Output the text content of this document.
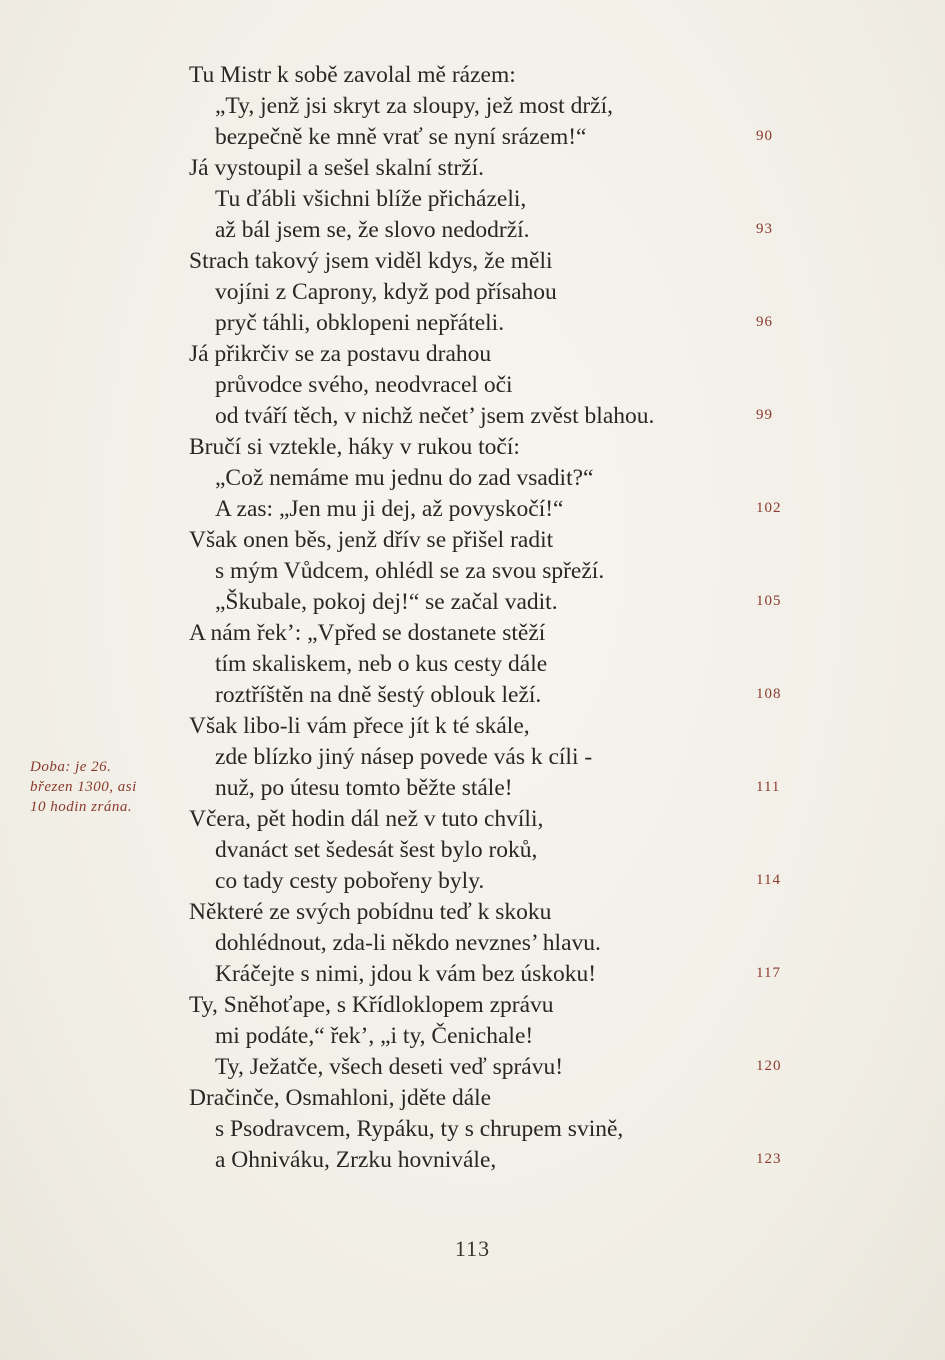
Tu Mistr k sobě zavolal mě rázem:
„Ty, jenž jsi skryt za sloupy, jež most drží,
bezpečně ke mně vrať se nyní srázem!“	90
Já vystoupil a sešel skalní strží.
Tu ďábli všichni blíže přicházeli,
až bál jsem se, že slovo nedodrží.	93
Strach takový jsem viděl kdys, že měli
vojíni z Caprony, když pod přísahou
pryč táhli, obklopeni nepřáteli.	96
Já přikrčiv se za postavu drahou
průvodce svého, neodvracel oči
od tváří těch, v nichž nečet’ jsem zvěst blahou.	99
Bručí si vztekle, háky v rukou točí:
„Což nemáme mu jednu do zad vsadit?“
A zas: „Jen mu ji dej, až povyskočí!“	102
Však onen běs, jenž dřív se přišel radit
s mým Vůdcem, ohlédl se za svou spřeží.
„Škubale, pokoj dej!“ se začal vadit.	105
A nám řek’: „Vpřed se dostanete stěží
tím skaliskem, neb o kus cesty dále
roztříštěn na dně šestý oblouk leží.	108
Však libo-li vám přece jít k té skále,
zde blízko jiný násep povede vás k cíli -
nuž, po útesu tomto běžte stále!	111
Včera, pět hodin dál než v tuto chvíli,
dvanáct set šedesát šest bylo roků,
co tady cesty pobořeny byly.	114
Některé ze svých pobídnu teď k skoku
dohlédnout, zda-li někdo nevznes’ hlavu.
Kráčejte s nimi, jdou k vám bez úskoku!	117
Ty, Sněhoťape, s Křídloklopem zprávu
mi podáte,“ řek’, „i ty, Čenichale!
Ty, Ježatče, všech deseti veď správu!	120
Dračinče, Osmahloni, jděte dále
s Psodravcem, Rypáku, ty s chrupem svině,
a Ohniváku, Zrzku hovnivále,	123
Doba: je 26.
březen 1300, asi
10 hodin zrána.
113
